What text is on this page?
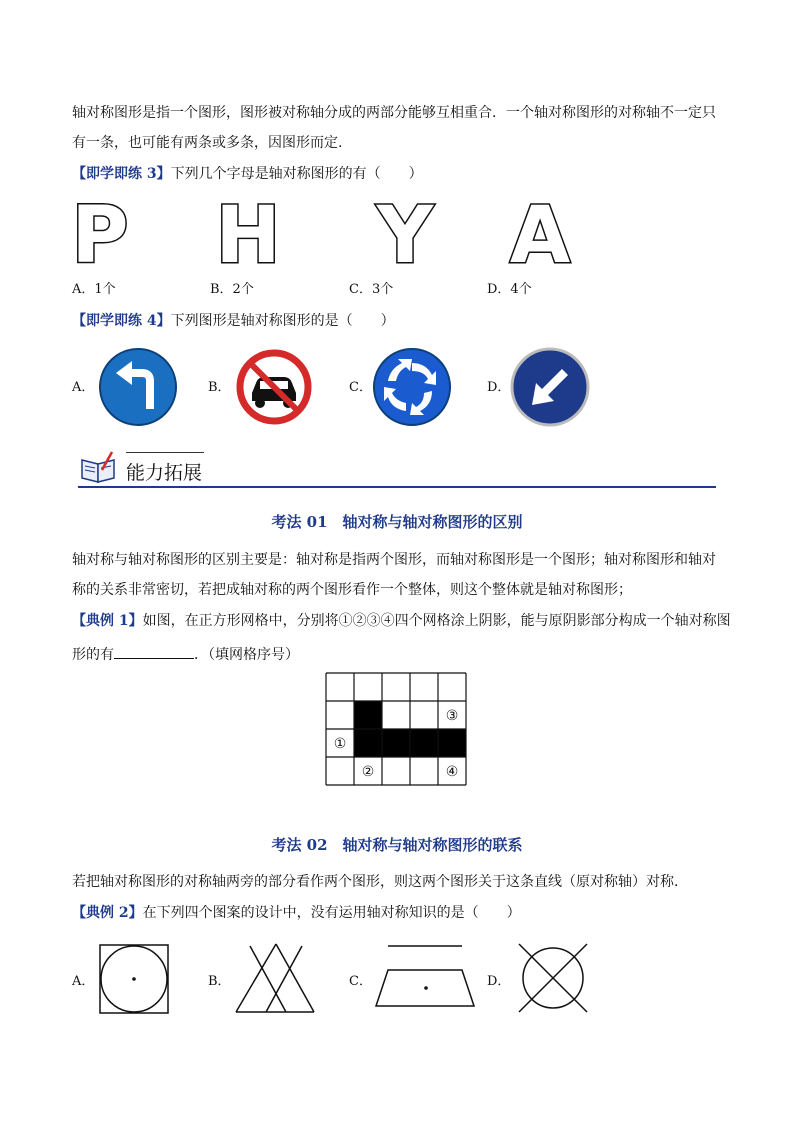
轴对称图形是指一个图形，图形被对称轴分成的两部分能够互相重合．一个轴对称图形的对称轴不一定只
有一条，也可能有两条或多条，因图形而定.
【即学即练 3】下列几个字母是轴对称图形的有（　　）
P H Y A
A．1个	B．2个	C．3个	D．4个
【即学即练 4】下列图形是轴对称图形的是（　　）
A．	B．	C．	D．
能力拓展
考法 01　轴对称与轴对称图形的区别
轴对称与轴对称图形的区别主要是：轴对称是指两个图形，而轴对称图形是一个图形；轴对称图形和轴对
称的关系非常密切，若把成轴对称的两个图形看作一个整体，则这个整体就是轴对称图形；
【典例 1】如图，在正方形网格中，分别将①②③④四个网格涂上阴影，能与原阴影部分构成一个轴对称图
形的有	．（填网格序号）
③
①
②	④
考法 02　轴对称与轴对称图形的联系
若把轴对称图形的对称轴两旁的部分看作两个图形，则这两个图形关于这条直线（原对称轴）对称.
【典例 2】在下列四个图案的设计中，没有运用轴对称知识的是（　　）
A．	B．	C．	D．
